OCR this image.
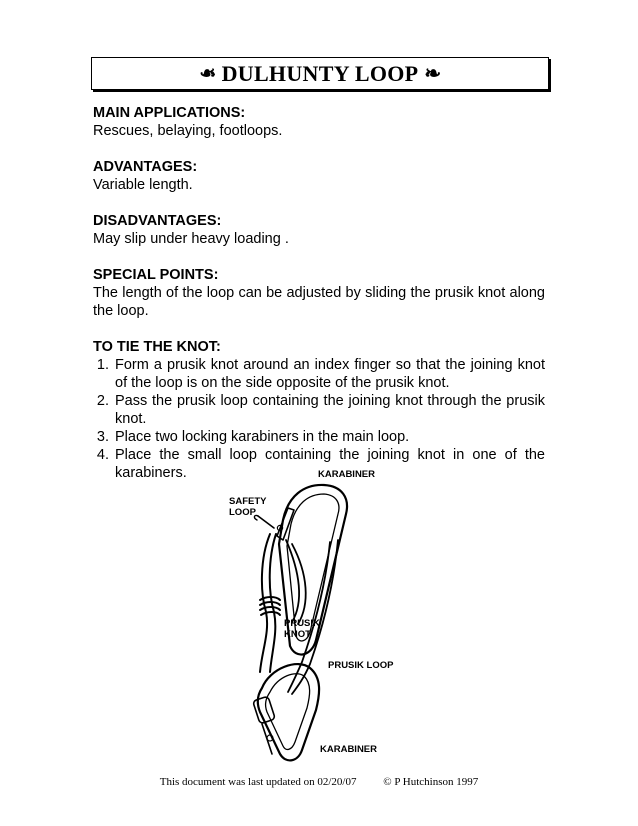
❧ DULHUNTY LOOP ❧
MAIN APPLICATIONS:
Rescues, belaying, footloops.
ADVANTAGES:
Variable length.
DISADVANTAGES:
May slip under heavy loading .
SPECIAL POINTS:
The length of the loop can be adjusted by sliding the prusik knot along the loop.
TO TIE THE KNOT:
1. Form a prusik knot around an index finger so that the joining knot of the loop is on the side opposite of the prusik knot.
2. Pass the prusik loop containing the joining knot through the prusik knot.
3. Place two locking karabiners in the main loop.
4. Place the small loop containing the joining knot in one of the karabiners.	KARABINER
SAFETY
LOOP
PRUSIK
KNOT
PRUSIK LOOP
KARABINER
This document was last updated on 02/20/07 © P Hutchinson 1997
